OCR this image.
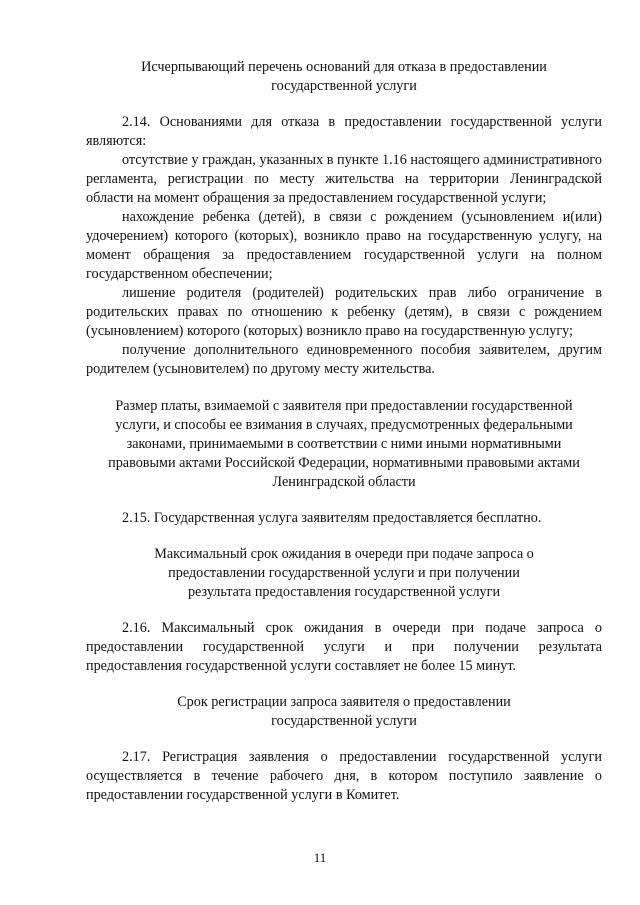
Исчерпывающий перечень оснований для отказа в предоставлении государственной услуги

2.14. Основаниями для отказа в предоставлении государственной услуги являются:

отсутствие у граждан, указанных в пункте 1.16 настоящего административного регламента, регистрации по месту жительства на территории Ленинградской области на момент обращения за предоставлением государственной услуги;

нахождение ребенка (детей), в связи с рождением (усыновлением и(или) удочерением) которого (которых), возникло право на государственную услугу, на момент обращения за предоставлением государственной услуги на полном государственном обеспечении;

лишение родителя (родителей) родительских прав либо ограничение в родительских правах по отношению к ребенку (детям), в связи с рождением (усыновлением) которого (которых) возникло право на государственную услугу;

получение дополнительного единовременного пособия заявителем, другим родителем (усыновителем) по другому месту жительства.

Размер платы, взимаемой с заявителя при предоставлении государственной услуги, и способы ее взимания в случаях, предусмотренных федеральными законами, принимаемыми в соответствии с ними иными нормативными правовыми актами Российской Федерации, нормативными правовыми актами Ленинградской области

2.15. Государственная услуга заявителям предоставляется бесплатно.

Максимальный срок ожидания в очереди при подаче запроса о предоставлении государственной услуги и при получении результата предоставления государственной услуги

2.16. Максимальный срок ожидания в очереди при подаче запроса о предоставлении государственной услуги и при получении результата предоставления государственной услуги составляет не более 15 минут.

Срок регистрации запроса заявителя о предоставлении государственной услуги

2.17. Регистрация заявления о предоставлении государственной услуги осуществляется в течение рабочего дня, в котором поступило заявление о предоставлении государственной услуги в Комитет.

11
